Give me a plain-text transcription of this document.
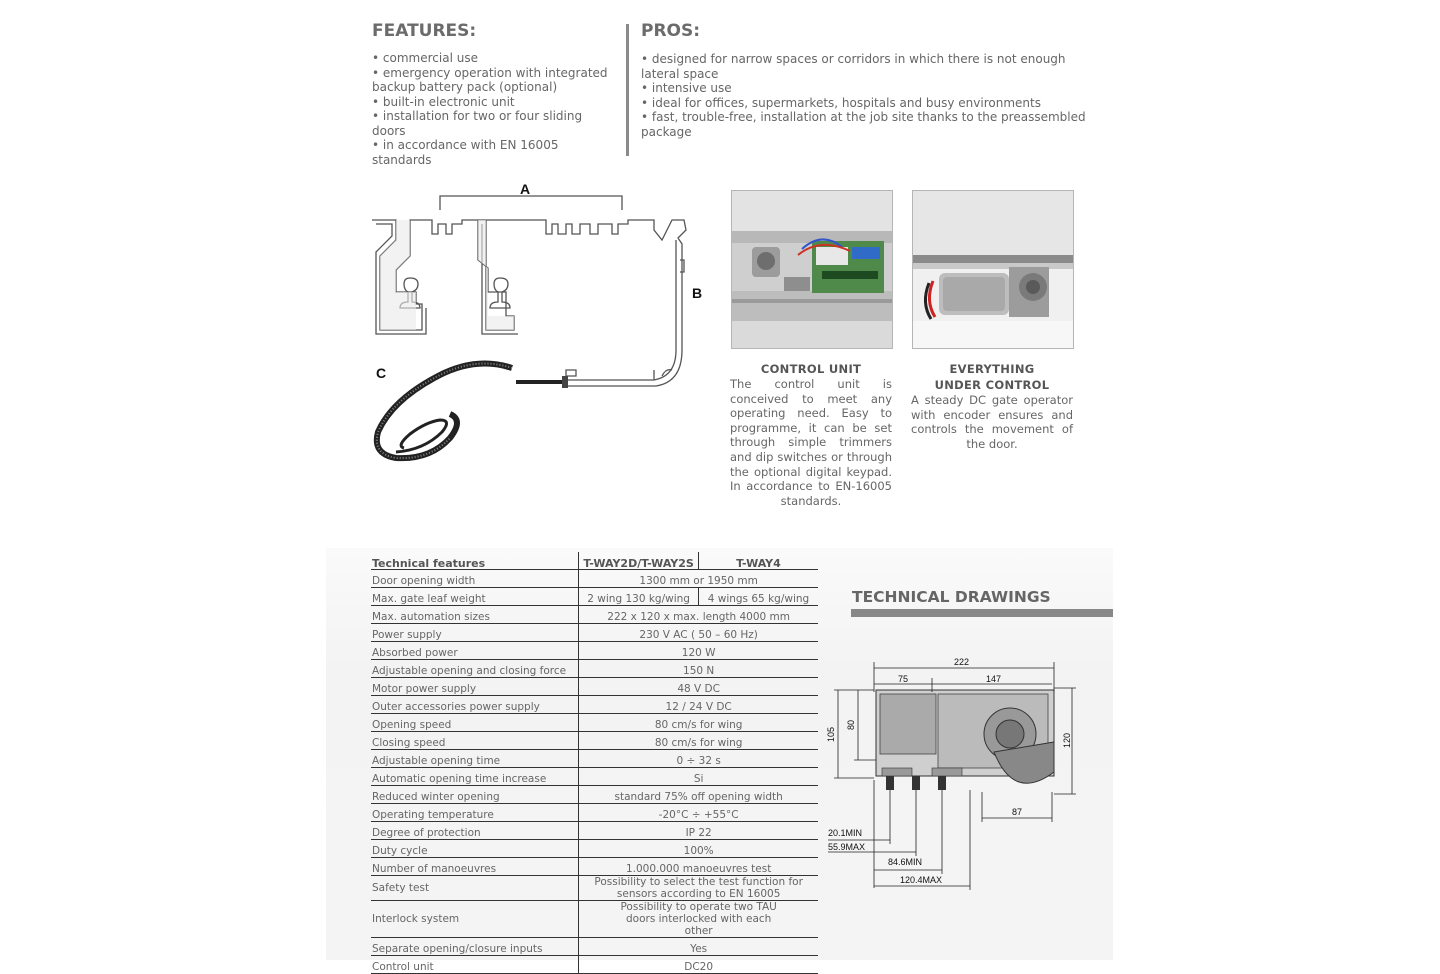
FEATURES:
• commercial use
• emergency operation with integrated backup battery pack (optional)
• built-in electronic unit
• installation for two or four sliding doors
• in accordance with EN 16005 standards
PROS:
• designed for narrow spaces or corridors in which there is not enough lateral space
• intensive use
• ideal for offices, supermarkets, hospitals and busy environments
• fast, trouble-free, installation at the job site thanks to the preassembled package
A
B
C	CONTROL UNIT
The control unit is conceived to meet any operating need. Easy to programme, it can be set through simple trimmers and dip switches or through the optional digital keypad. In accordance to EN-16005 standards.
EVERYTHING
UNDER CONTROL
A steady DC gate operator with encoder ensures and controls the movement of the door.
Technical features	T-WAY2D/T-WAY2S	T-WAY4
Door opening width	1300 mm or 1950 mm	
Max. gate leaf weight	2 wing 130 kg/wing	4 wings 65 kg/wing
Max. automation sizes	222 x 120 x max. length 4000 mm	
Power supply	230 V AC ( 50 – 60 Hz)	
Absorbed power	120 W	
Adjustable opening and closing force	150 N	
Motor power supply	48 V DC	
Outer accessories power supply	12 / 24 V DC	
Opening speed	80 cm/s for wing	
Closing speed	80 cm/s for wing	
Adjustable opening time	0 ÷ 32 s	
Automatic opening time increase	Si	
Reduced winter opening	standard 75% off opening width	
Operating temperature	-20°C ÷ +55°C	
Degree of protection	IP 22	
Duty cycle	100%	
Number of manoeuvres	1.000.000 manoeuvres test	
Safety test	Possibility to select the test function for sensors according to EN 16005	
Interlock system	Possibility to operate two TAU doors interlocked with each other	
Separate opening/closure inputs	Yes	
Control unit	DC20	
TECHNICAL DRAWINGS
222
75	147
105
80
120
87
20.1MIN
55.9MAX
84.6MIN
120.4MAX
